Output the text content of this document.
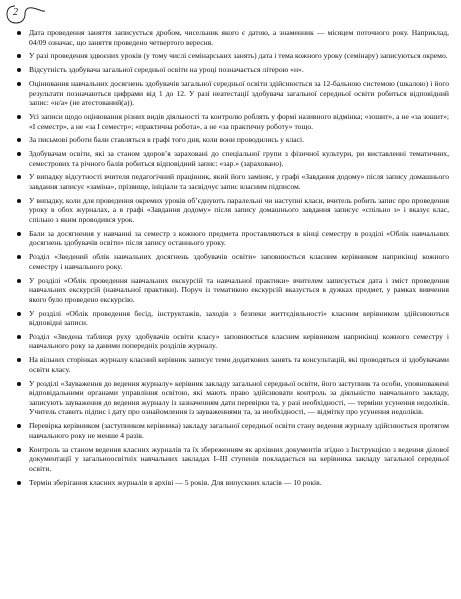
2
Дата проведення заняття записується дробом, чисельник якого є датою, а знаменник — місяцем поточного року. Наприклад, 04/09 означає, що заняття проведено четвертого вересня.
У разі проведення здвоєних уроків (у тому числі семінарських занять) дата і тема кожного уроку (семінару) записуються окремо.
Відсутність здобувача загальної середньої освіти на уроці позначається літерою «н».
Оцінювання навчальних досягнень здобувачів загальної середньої освіти здійснюється за 12-бальною системою (шкалою) і його результати позначаються цифрами від 1 до 12. У разі неатестації здобувача загальної середньої освіти робиться відповідний запис: «н/а» (не атестований(а)).
Усі записи щодо оцінювання різних видів діяльності та контролю роблять у формі називного відмінка; «зошит», а не «за зошит»; «І семестр», а не «за І семестр»; «практична робота», а не «за практичну роботу» тощо.
За письмові роботи бали ставляться в графі того дня, коли вони проводились у класі.
Здобувачам освіти, які за станом здоров’я зараховані до спеціальної групи з фізичної культури, ри виставленні тематичних, семестрових та річного балів робиться відповідний запис: «зар.» (зараховано).
У випадку відсутності вчителя педагогічний працівник, який його заміняє, у графі «Завдання додому» після запису домашнього завдання записує «заміна», прізвище, ініціали та засвідчує запис власним підписом.
У випадку, коли для проведення окремих уроків об’єднують паралельні чи наступні класи, вчитель робить запис про проведення уроку в обох журналах, а в графі «Завдання додому» після запису домашнього завдання записує «спільно з» і вказує клас, спільно з яким проводився урок.
Бали за досягнення у навчанні за семестр з кожного предмета проставляються в кінці семестру в розділі «Облік навчальних досягнень здобувачів освіти» після запису останнього уроку.
Розділ «Зведений облік навчальних досягнень здобувачів освіти» заповнюється класним керівником наприкінці кожного семестру і навчального року.
У розділі «Облік проведення навчальних екскурсій та навчальної практики» вчителем записується дата і зміст проведення навчальних екскурсій (навчальної практики). Поруч із тематикою екскурсій вказується в дужках предмет, у рамках вивчення якого було проведено екскурсію.
У розділі «Облік проведення бесід, інструктажів, заходів з безпеки життєдіяльності» класним керівником здійснюються відповідні записи.
Розділ «Зведена таблиця руху здобувачів освіти класу» заповнюється класним керівником наприкінці кожного семестру і навчального року за даними попередніх розділів журналу.
На вільних сторінках журналу класний керівник записує теми додаткових занять та консультацій, які проводяться зі здобувачами освіти класу.
У розділі «Зауваження до ведення журналу» керівник закладу загальної середньої освіти, його заступник та особи, уповноважені відповідальними органами управління освітою, які мають право здійснювати контроль за діяльністю навчального закладу, записують зауваження до ведення журналу із зазначенням дати перевірки та, у разі необхідності, — терміни усунення недоліків. Учитель ставить підпис і дату про ознайомлення із зауваженнями та, за необхідності, — відмітку про усунення недоліків.
Перевірка керівником (заступником керівника) закладу загальної середньої освіти стану ведення журналу здійснюється протягом навчального року не менше 4 разів.
Контроль за станом ведення класних журналів та їх збереженням як архівних документів згідно з Інструкцією з ведення ділової документації у загальноосвітніх навчальних закладах I–III ступенів покладається на керівника закладу загальної середньої освіти.
Термін зберігання класних журналів в архіві — 5 років. Для випускних класів — 10 років.
